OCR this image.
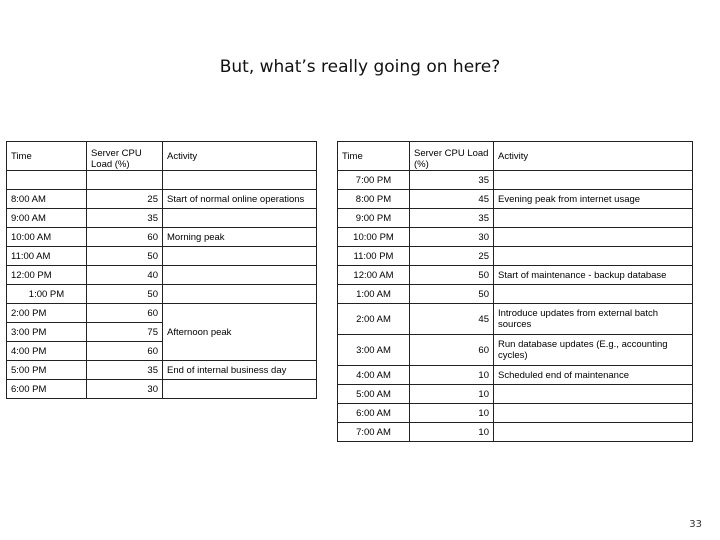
But, what’s really going on here?
Time	Server CPU Load (%)	Activity

8:00 AM	25	Start of normal online operations
9:00 AM	35	
10:00 AM	60	Morning peak
11:00 AM	50	
12:00 PM	40	
1:00 PM	50	
2:00 PM	60	Afternoon peak
3:00 PM	75	
4:00 PM	60	
5:00 PM	35	End of internal business day
6:00 PM	30	
Time	Server CPU Load (%)	Activity
7:00 PM	35	
8:00 PM	45	Evening peak from internet usage
9:00 PM	35	
10:00 PM	30	
11:00 PM	25	
12:00 AM	50	Start of maintenance - backup database
1:00 AM	50	
2:00 AM	45	Introduce updates from external batch sources
3:00 AM	60	Run database updates (E.g., accounting cycles)
4:00 AM	10	Scheduled end of maintenance
5:00 AM	10	
6:00 AM	10	
7:00 AM	10	
33
